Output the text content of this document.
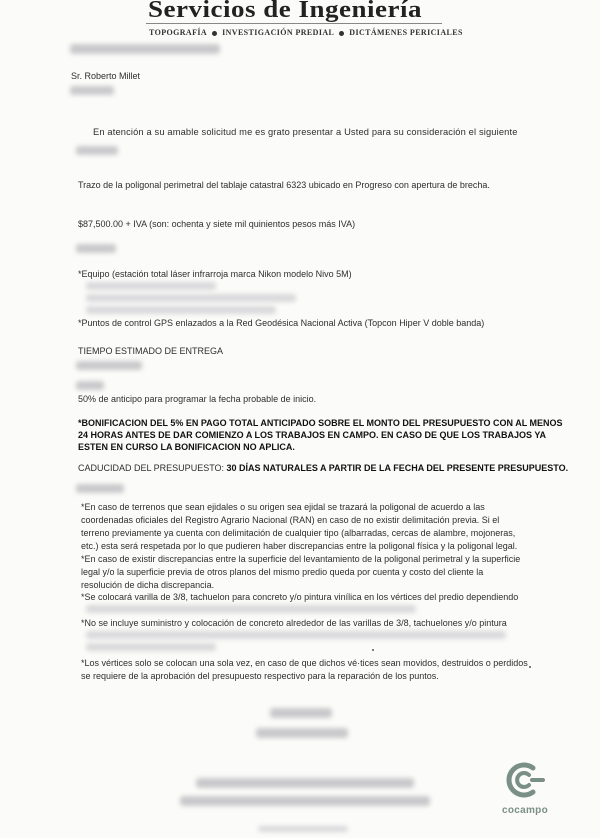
Servicios de Ingeniería
TOPOGRAFÍA INVESTIGACIÓN PREDIAL DICTÁMENES PERICIALES
Sr. Roberto Millet
En atención a su amable solicitud me es grato presentar a Usted para su consideración el siguiente
Trazo de la poligonal perimetral del tablaje catastral 6323 ubicado en Progreso con apertura de brecha.
$87,500.00 + IVA (son: ochenta y siete mil quinientos pesos más IVA)
*Equipo (estación total láser infrarroja marca Nikon modelo Nivo 5M)
*Puntos de control GPS enlazados a la Red Geodésica Nacional Activa (Topcon Hiper V doble banda)
TIEMPO ESTIMADO DE ENTREGA
50% de anticipo para programar la fecha probable de inicio.
*BONIFICACION DEL 5% EN PAGO TOTAL ANTICIPADO SOBRE EL MONTO DEL PRESUPUESTO CON AL MENOS
24 HORAS ANTES DE DAR COMIENZO A LOS TRABAJOS EN CAMPO. EN CASO DE QUE LOS TRABAJOS YA
ESTEN EN CURSO LA BONIFICACION NO APLICA.
CADUCIDAD DEL PRESUPUESTO: 30 DÍAS NATURALES A PARTIR DE LA FECHA DEL PRESENTE PRESUPUESTO.
*En caso de terrenos que sean ejidales o su origen sea ejidal se trazará la poligonal de acuerdo a las
coordenadas oficiales del Registro Agrario Nacional (RAN) en caso de no existir delimitación previa. Si el
terreno previamente ya cuenta con delimitación de cualquier tipo (albarradas, cercas de alambre, mojoneras,
etc.) esta será respetada por lo que pudieren haber discrepancias entre la poligonal física y la poligonal legal.
*En caso de existir discrepancias entre la superficie del levantamiento de la poligonal perimetral y la superficie
legal y/o la superficie previa de otros planos del mismo predio queda por cuenta y costo del cliente la
resolución de dicha discrepancia.
*Se colocará varilla de 3/8, tachuelon para concreto y/o pintura vinílica en los vértices del predio dependiendo
*No se incluye suministro y colocación de concreto alrededor de las varillas de 3/8, tachuelones y/o pintura
*Los vértices solo se colocan una sola vez, en caso de que dichos vé·tices sean movidos, destruidos o perdidos
se requiere de la aprobación del presupuesto respectivo para la reparación de los puntos.
cocampo
